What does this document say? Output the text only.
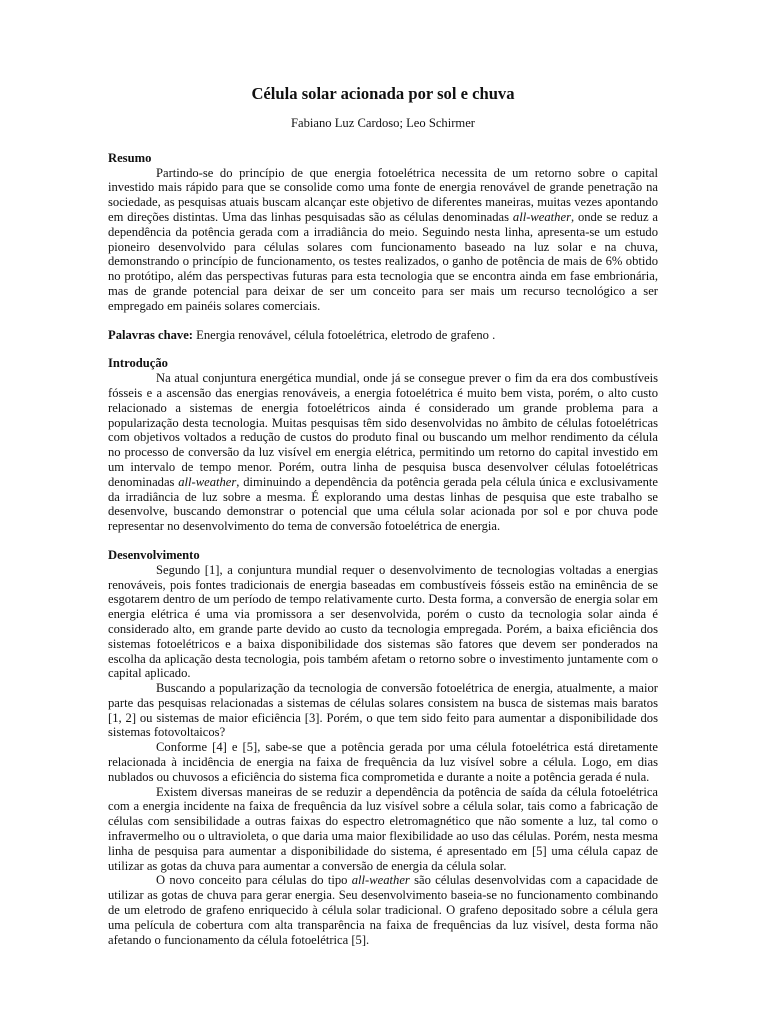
Célula solar acionada por sol e chuva
Fabiano Luz Cardoso; Leo Schirmer
Resumo

Partindo-se do princípio de que energia fotoelétrica necessita de um retorno sobre o capital investido mais rápido para que se consolide como uma fonte de energia renovável de grande penetração na sociedade, as pesquisas atuais buscam alcançar este objetivo de diferentes maneiras, muitas vezes apontando em direções distintas. Uma das linhas pesquisadas são as células denominadas all-weather, onde se reduz a dependência da potência gerada com a irradiância do meio. Seguindo nesta linha, apresenta-se um estudo pioneiro desenvolvido para células solares com funcionamento baseado na luz solar e na chuva, demonstrando o princípio de funcionamento, os testes realizados, o ganho de potência de mais de 6% obtido no protótipo, além das perspectivas futuras para esta tecnologia que se encontra ainda em fase embrionária, mas de grande potencial para deixar de ser um conceito para ser mais um recurso tecnológico a ser empregado em painéis solares comerciais.

Palavras chave: Energia renovável, célula fotoelétrica, eletrodo de grafeno .

Introdução

Na atual conjuntura energética mundial, onde já se consegue prever o fim da era dos combustíveis fósseis e a ascensão das energias renováveis, a energia fotoelétrica é muito bem vista, porém, o alto custo relacionado a sistemas de energia fotoelétricos ainda é considerado um grande problema para a popularização desta tecnologia. Muitas pesquisas têm sido desenvolvidas no âmbito de células fotoelétricas com objetivos voltados a redução de custos do produto final ou buscando um melhor rendimento da célula no processo de conversão da luz visível em energia elétrica, permitindo um retorno do capital investido em um intervalo de tempo menor. Porém, outra linha de pesquisa busca desenvolver células fotoelétricas denominadas all-weather, diminuindo a dependência da potência gerada pela célula única e exclusivamente da irradiância de luz sobre a mesma. É explorando uma destas linhas de pesquisa que este trabalho se desenvolve, buscando demonstrar o potencial que uma célula solar acionada por sol e por chuva pode representar no desenvolvimento do tema de conversão fotoelétrica de energia.

Desenvolvimento

Segundo [1], a conjuntura mundial requer o desenvolvimento de tecnologias voltadas a energias renováveis, pois fontes tradicionais de energia baseadas em combustíveis fósseis estão na eminência de se esgotarem dentro de um período de tempo relativamente curto. Desta forma, a conversão de energia solar em energia elétrica é uma via promissora a ser desenvolvida, porém o custo da tecnologia solar ainda é considerado alto, em grande parte devido ao custo da tecnologia empregada. Porém, a baixa eficiência dos sistemas fotoelétricos e a baixa disponibilidade dos sistemas são fatores que devem ser ponderados na escolha da aplicação desta tecnologia, pois também afetam o retorno sobre o investimento juntamente com o capital aplicado.

Buscando a popularização da tecnologia de conversão fotoelétrica de energia, atualmente, a maior parte das pesquisas relacionadas a sistemas de células solares consistem na busca de sistemas mais baratos [1, 2] ou sistemas de maior eficiência [3]. Porém, o que tem sido feito para aumentar a disponibilidade dos sistemas fotovoltaicos?

Conforme [4] e [5], sabe-se que a potência gerada por uma célula fotoelétrica está diretamente relacionada à incidência de energia na faixa de frequência da luz visível sobre a célula. Logo, em dias nublados ou chuvosos a eficiência do sistema fica comprometida e durante a noite a potência gerada é nula.

Existem diversas maneiras de se reduzir a dependência da potência de saída da célula fotoelétrica com a energia incidente na faixa de frequência da luz visível sobre a célula solar, tais como a fabricação de células com sensibilidade a outras faixas do espectro eletromagnético que não somente a luz, tal como o infravermelho ou o ultravioleta, o que daria uma maior flexibilidade ao uso das células. Porém, nesta mesma linha de pesquisa para aumentar a disponibilidade do sistema, é apresentado em [5] uma célula capaz de utilizar as gotas da chuva para aumentar a conversão de energia da célula solar.

O novo conceito para células do tipo all-weather são células desenvolvidas com a capacidade de utilizar as gotas de chuva para gerar energia. Seu desenvolvimento baseia-se no funcionamento combinando de um eletrodo de grafeno enriquecido à célula solar tradicional. O grafeno depositado sobre a célula gera uma película de cobertura com alta transparência na faixa de frequências da luz visível, desta forma não afetando o funcionamento da célula fotoelétrica [5].
